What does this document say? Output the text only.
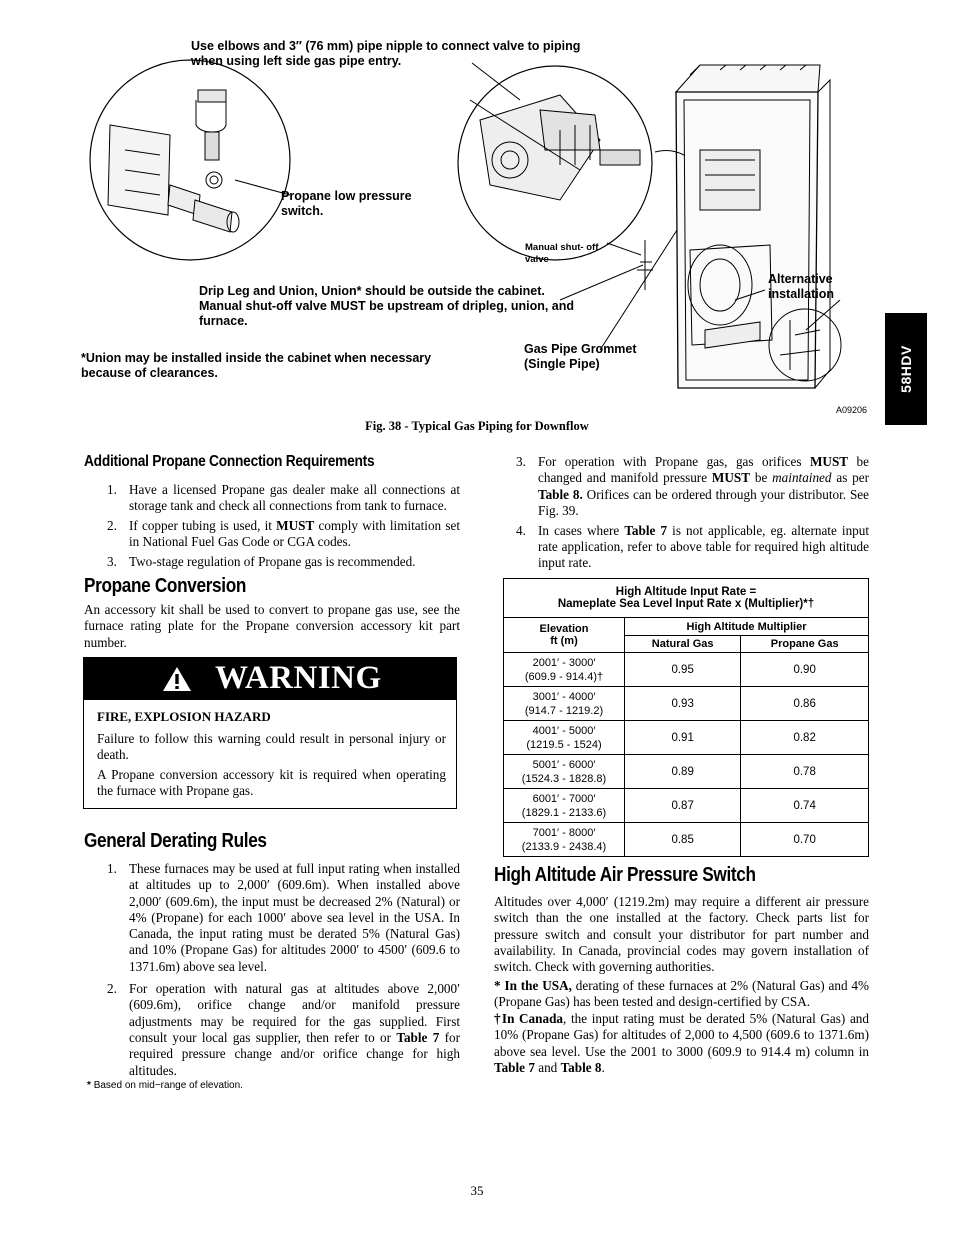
Use elbows and 3″ (76 mm) pipe nipple to connect valve to piping when using left side gas pipe entry.
Propane low pressure switch.
Manual shut- off valve
Alternative installation
Drip Leg and Union, Union* should be outside the cabinet. Manual shut-off valve MUST be upstream of dripleg, union, and furnace.
*Union may be installed inside the cabinet when necessary because of clearances.
Gas Pipe Grommet (Single Pipe)
A09206
Fig. 38 - Typical Gas Piping for Downflow
58HDV
Additional Propane Connection Requirements
1. Have a licensed Propane gas dealer make all connections at storage tank and check all connections from tank to furnace.
2. If copper tubing is used, it MUST comply with limitation set in National Fuel Gas Code or CGA codes.
3. Two-stage regulation of Propane gas is recommended.
Propane Conversion

An accessory kit shall be used to convert to propane gas use, see the furnace rating plate for the Propane conversion accessory kit part number.

WARNING
FIRE, EXPLOSION HAZARD

Failure to follow this warning could result in personal injury or death.

A Propane conversion accessory kit is required when operating the furnace with Propane gas.

General Derating Rules
1. These furnaces may be used at full input rating when installed at altitudes up to 2,000′ (609.6m). When installed above 2,000′ (609.6m), the input must be decreased 2% (Natural) or 4% (Propane) for each 1000′ above sea level in the USA. In Canada, the input rating must be derated 5% (Natural Gas) and 10% (Propane Gas) for altitudes 2000′ to 4500′ (609.6 to 1371.6m) above sea level.
2. For operation with natural gas at altitudes above 2,000′ (609.6m), orifice change and/or manifold pressure adjustments may be required for the gas supplied. First consult your local gas supplier, then refer to or Table 7 for required pressure change and/or orifice change for high altitudes.
* Based on mid−range of elevation.
3. For operation with Propane gas, gas orifices MUST be changed and manifold pressure MUST be maintained as per Table 8. Orifices can be ordered through your distributor. See Fig. 39.
4. In cases where Table 7 is not applicable, eg. alternate input rate application, refer to above table for required high altitude input rate.
High Altitude Input Rate =
Nameplate Sea Level Input Rate x (Multiplier)*†		
Elevation
ft (m)	High Altitude Multiplier	
	Natural Gas	Propane Gas
2001′ - 3000′
(609.9 - 914.4)†	0.95	0.90
3001′ - 4000′
(914.7 - 1219.2)	0.93	0.86
4001′ - 5000′
(1219.5 - 1524)	0.91	0.82
5001′ - 6000′
(1524.3 - 1828.8)	0.89	0.78
6001′ - 7000′
(1829.1 - 2133.6)	0.87	0.74
7001′ - 8000′
(2133.9 - 2438.4)	0.85	0.70
High Altitude Air Pressure Switch

Altitudes over 4,000′ (1219.2m) may require a different air pressure switch than the one installed at the factory. Check parts list for pressure switch and consult your distributor for part number and availability. In Canada, provincial codes may govern installation of switch. Check with governing authorities.

* In the USA, derating of these furnaces at 2% (Natural Gas) and 4% (Propane Gas) has been tested and design-certified by CSA.

†In Canada, the input rating must be derated 5% (Natural Gas) and 10% (Propane Gas) for altitudes of 2,000 to 4,500 (609.6 to 1371.6m) above sea level. Use the 2001 to 3000 (609.9 to 914.4 m) column in Table 7 and Table 8.

35
